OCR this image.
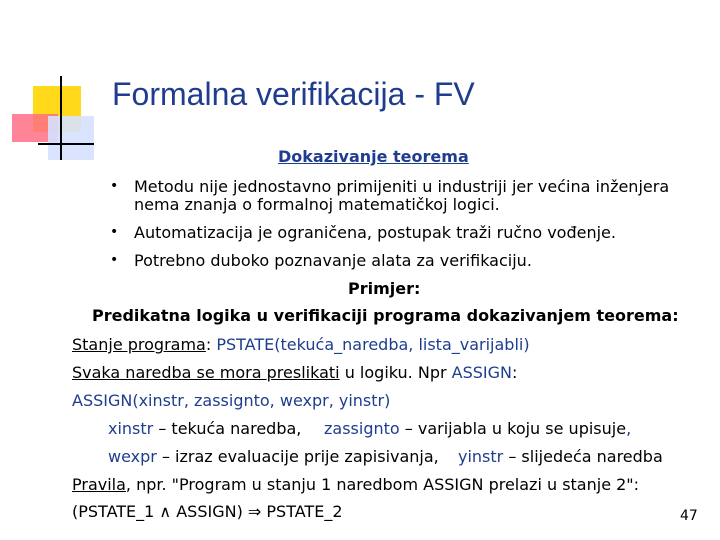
Formalna verifikacija - FV
Dokazivanje teorema
• Metodu nije jednostavno primijeniti u industriji jer većina inženjera
nema znanja o formalnoj matematičkoj logici.
• Automatizacija je ograničena, postupak traži ručno vođenje.
• Potrebno duboko poznavanje alata za verifikaciju.
Primjer:
Predikatna logika u verifikaciji programa dokazivanjem teorema:
Stanje programa: PSTATE(tekuća_naredba, lista_varijabli)
Svaka naredba se mora preslikati u logiku. Npr ASSIGN:
ASSIGN(xinstr, zassignto, wexpr, yinstr)
xinstr – tekuća naredba, zassignto – varijabla u koju se upisuje,
wexpr – izraz evaluacije prije zapisivanja, yinstr – slijedeća naredba
Pravila, npr. "Program u stanju 1 naredbom ASSIGN prelazi u stanje 2":
(PSTATE_1 ∧ ASSIGN) ⇒ PSTATE_2	47
